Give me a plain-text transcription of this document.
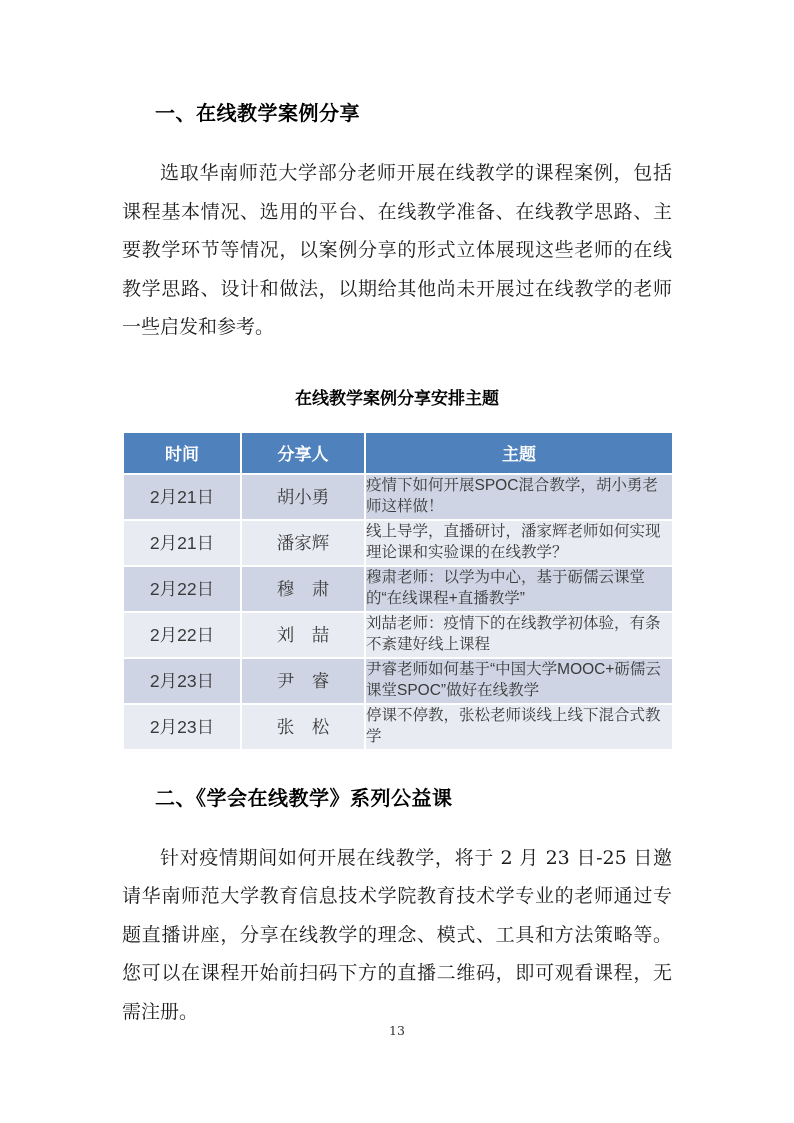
一、在线教学案例分享

选取华南师范大学部分老师开展在线教学的课程案例，包括课程基本情况、选用的平台、在线教学准备、在线教学思路、主要教学环节等情况，以案例分享的形式立体展现这些老师的在线教学思路、设计和做法，以期给其他尚未开展过在线教学的老师一些启发和参考。

在线教学案例分享安排主题
时间	分享人	主题
2月21日	胡小勇	疫情下如何开展SPOC混合教学，胡小勇老师这样做！
2月21日	潘家辉	线上导学，直播研讨，潘家辉老师如何实现理论课和实验课的在线教学？
2月22日	穆　肃	穆肃老师：以学为中心，基于砺儒云课堂的“在线课程+直播教学”
2月22日	刘　喆	刘喆老师：疫情下的在线教学初体验，有条不紊建好线上课程
2月23日	尹　睿	尹睿老师如何基于“中国大学MOOC+砺儒云课堂SPOC”做好在线教学
2月23日	张　松	停课不停教，张松老师谈线上线下混合式教学
二、《学会在线教学》系列公益课

针对疫情期间如何开展在线教学，将于 2 月 23 日-25 日邀请华南师范大学教育信息技术学院教育技术学专业的老师通过专题直播讲座，分享在线教学的理念、模式、工具和方法策略等。您可以在课程开始前扫码下方的直播二维码，即可观看课程，无需注册。

13
